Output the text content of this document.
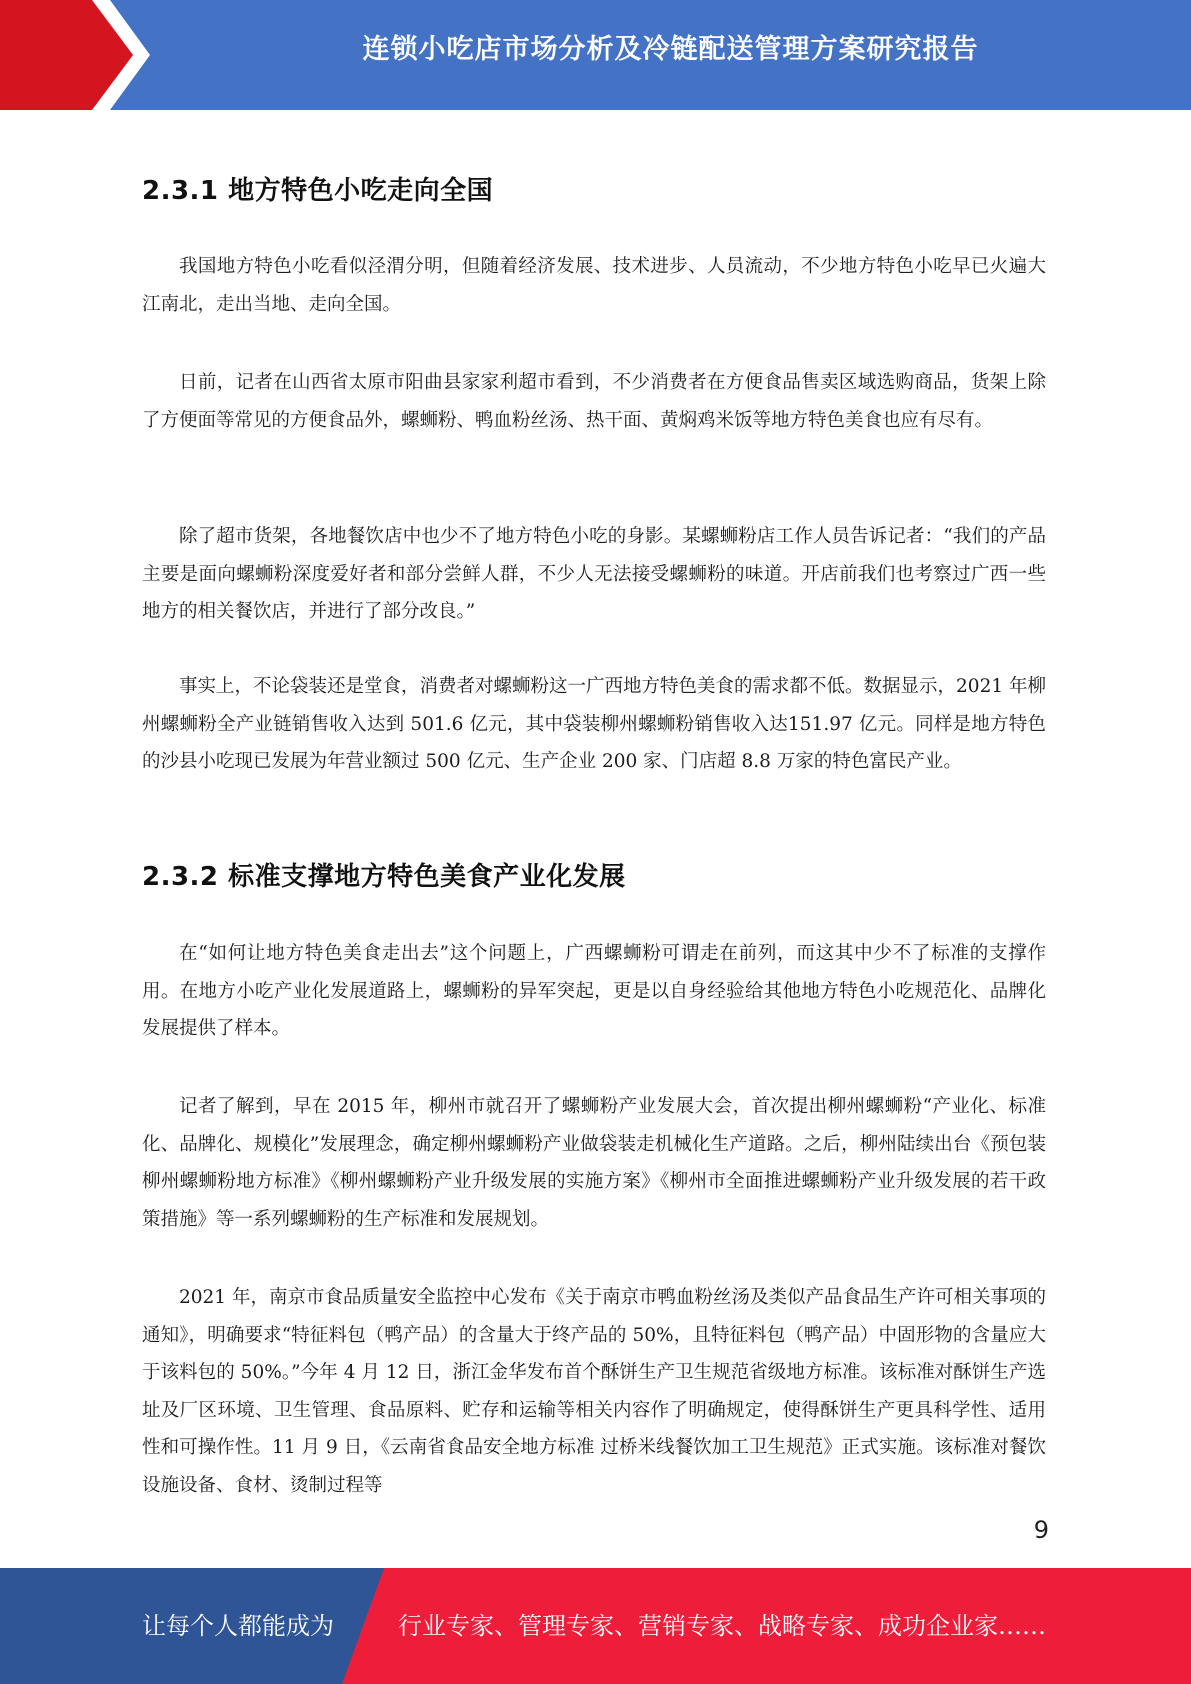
连锁小吃店市场分析及冷链配送管理方案研究报告
2.3.1 地方特色小吃走向全国

我国地方特色小吃看似泾渭分明，但随着经济发展、技术进步、人员流动，不少地方特色小吃早已火遍大江南北，走出当地、走向全国。

日前，记者在山西省太原市阳曲县家家利超市看到，不少消费者在方便食品售卖区域选购商品，货架上除了方便面等常见的方便食品外，螺蛳粉、鸭血粉丝汤、热干面、黄焖鸡米饭等地方特色美食也应有尽有。

除了超市货架，各地餐饮店中也少不了地方特色小吃的身影。某螺蛳粉店工作人员告诉记者：“我们的产品主要是面向螺蛳粉深度爱好者和部分尝鲜人群，不少人无法接受螺蛳粉的味道。开店前我们也考察过广西一些地方的相关餐饮店，并进行了部分改良。”

事实上，不论袋装还是堂食，消费者对螺蛳粉这一广西地方特色美食的需求都不低。数据显示，2021 年柳州螺蛳粉全产业链销售收入达到 501.6 亿元，其中袋装柳州螺蛳粉销售收入达151.97 亿元。同样是地方特色的沙县小吃现已发展为年营业额过 500 亿元、生产企业 200 家、门店超 8.8 万家的特色富民产业。

2.3.2 标准支撑地方特色美食产业化发展

在“如何让地方特色美食走出去”这个问题上，广西螺蛳粉可谓走在前列，而这其中少不了标准的支撑作用。在地方小吃产业化发展道路上，螺蛳粉的异军突起，更是以自身经验给其他地方特色小吃规范化、品牌化发展提供了样本。

记者了解到，早在 2015 年，柳州市就召开了螺蛳粉产业发展大会，首次提出柳州螺蛳粉“产业化、标准化、品牌化、规模化”发展理念，确定柳州螺蛳粉产业做袋装走机械化生产道路。之后，柳州陆续出台《预包装柳州螺蛳粉地方标准》《柳州螺蛳粉产业升级发展的实施方案》《柳州市全面推进螺蛳粉产业升级发展的若干政策措施》等一系列螺蛳粉的生产标准和发展规划。

2021 年，南京市食品质量安全监控中心发布《关于南京市鸭血粉丝汤及类似产品食品生产许可相关事项的通知》，明确要求“特征料包（鸭产品）的含量大于终产品的 50%，且特征料包（鸭产品）中固形物的含量应大于该料包的 50%。”今年 4 月 12 日，浙江金华发布首个酥饼生产卫生规范省级地方标准。该标准对酥饼生产选址及厂区环境、卫生管理、食品原料、贮存和运输等相关内容作了明确规定，使得酥饼生产更具科学性、适用性和可操作性。11 月 9 日，《云南省食品安全地方标准 过桥米线餐饮加工卫生规范》正式实施。该标准对餐饮设施设备、食材、烫制过程等

9
让每个人都能成为	行业专家、管理专家、营销专家、战略专家、成功企业家……
